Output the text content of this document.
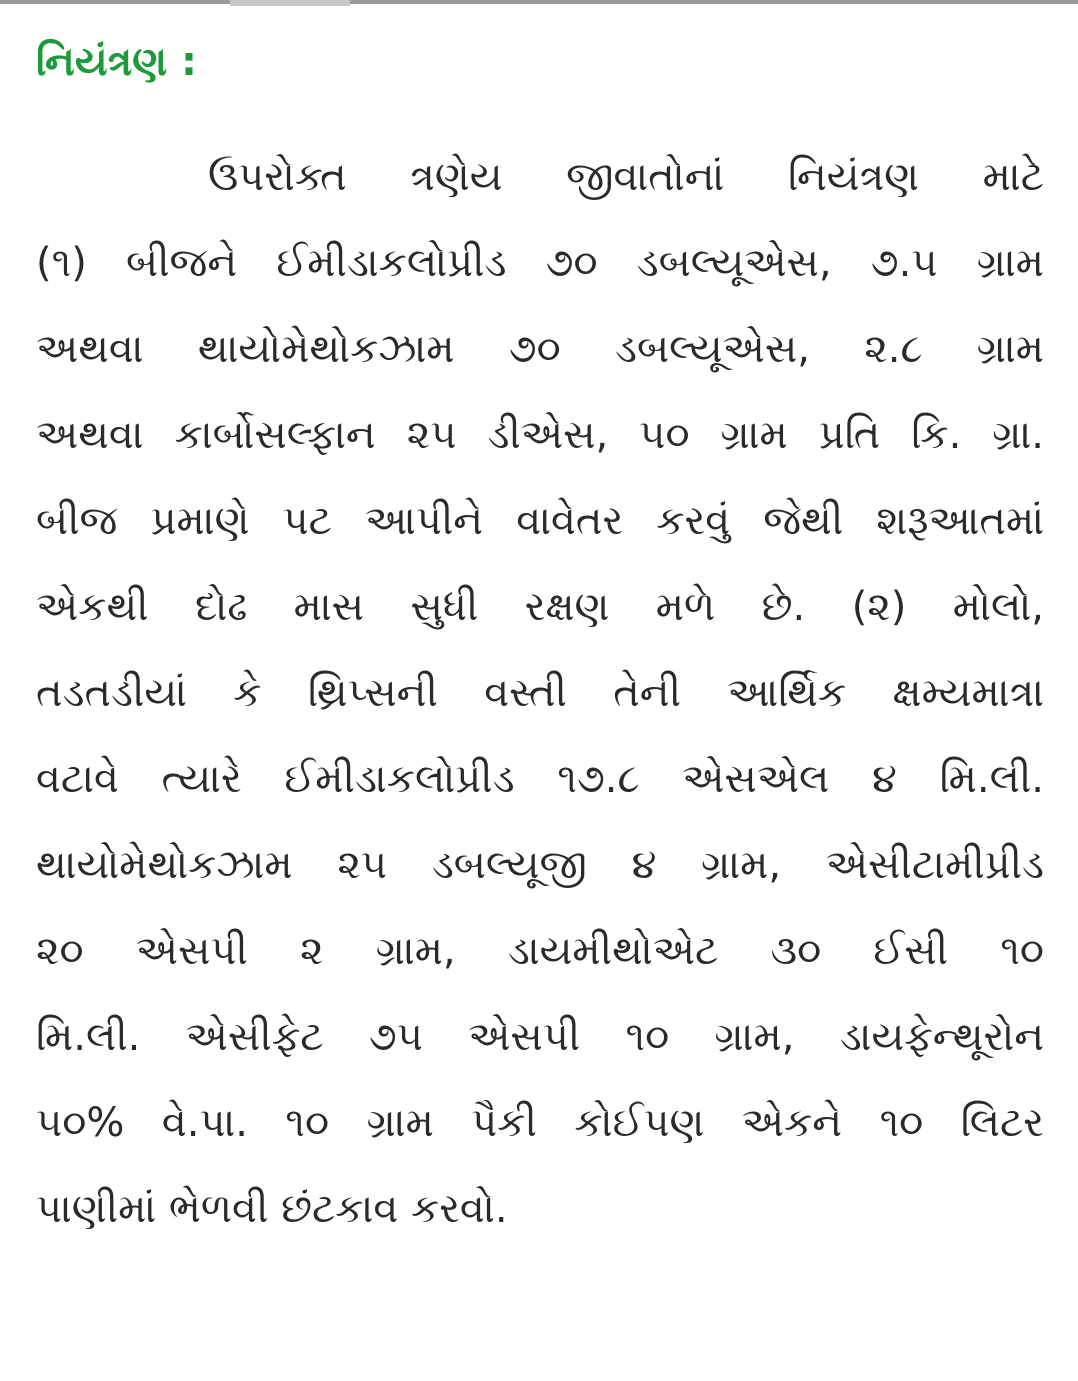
નિયંત્રણ :
ઉપરોક્ત ત્રણેય જીવાતોનાં નિયંત્રણ માટે
(૧) બીજને ઈમીડાકલોપ્રીડ ૭૦ ડબલ્યૂએસ, ૭.૫ ગ્રામ
અથવા થાયોમેથોકઝામ ૭૦ ડબલ્યૂએસ, ૨.૮ ગ્રામ
અથવા કાર્બોસલ્ફાન ૨૫ ડીએસ, ૫૦ ગ્રામ પ્રતિ કિ. ગ્રા.
બીજ પ્રમાણે પટ આપીને વાવેતર કરવું જેથી શરૂઆતમાં
એકથી દોઢ માસ સુધી રક્ષણ મળે છે. (૨) મોલો,
તડતડીયાં કે થ્રિપ્સની વસ્તી તેની આર્થિક ક્ષમ્યમાત્રા
વટાવે ત્યારે ઈમીડાકલોપ્રીડ ૧૭.૮ એસએલ ૪ મિ.લી.
થાયોમેથોકઝામ ૨૫ ડબલ્યૂજી ૪ ગ્રામ, એસીટામીપ્રીડ
૨૦ એસપી ૨ ગ્રામ, ડાયમીથોએટ ૩૦ ઈસી ૧૦
મિ.લી. એસીફેટ ૭૫ એસપી ૧૦ ગ્રામ, ડાયફેન્થૂરોન
૫૦% વે.પા. ૧૦ ગ્રામ પૈકી કોઈપણ એકને ૧૦ લિટર
પાણીમાં ભેળવી છંટકાવ કરવો.
